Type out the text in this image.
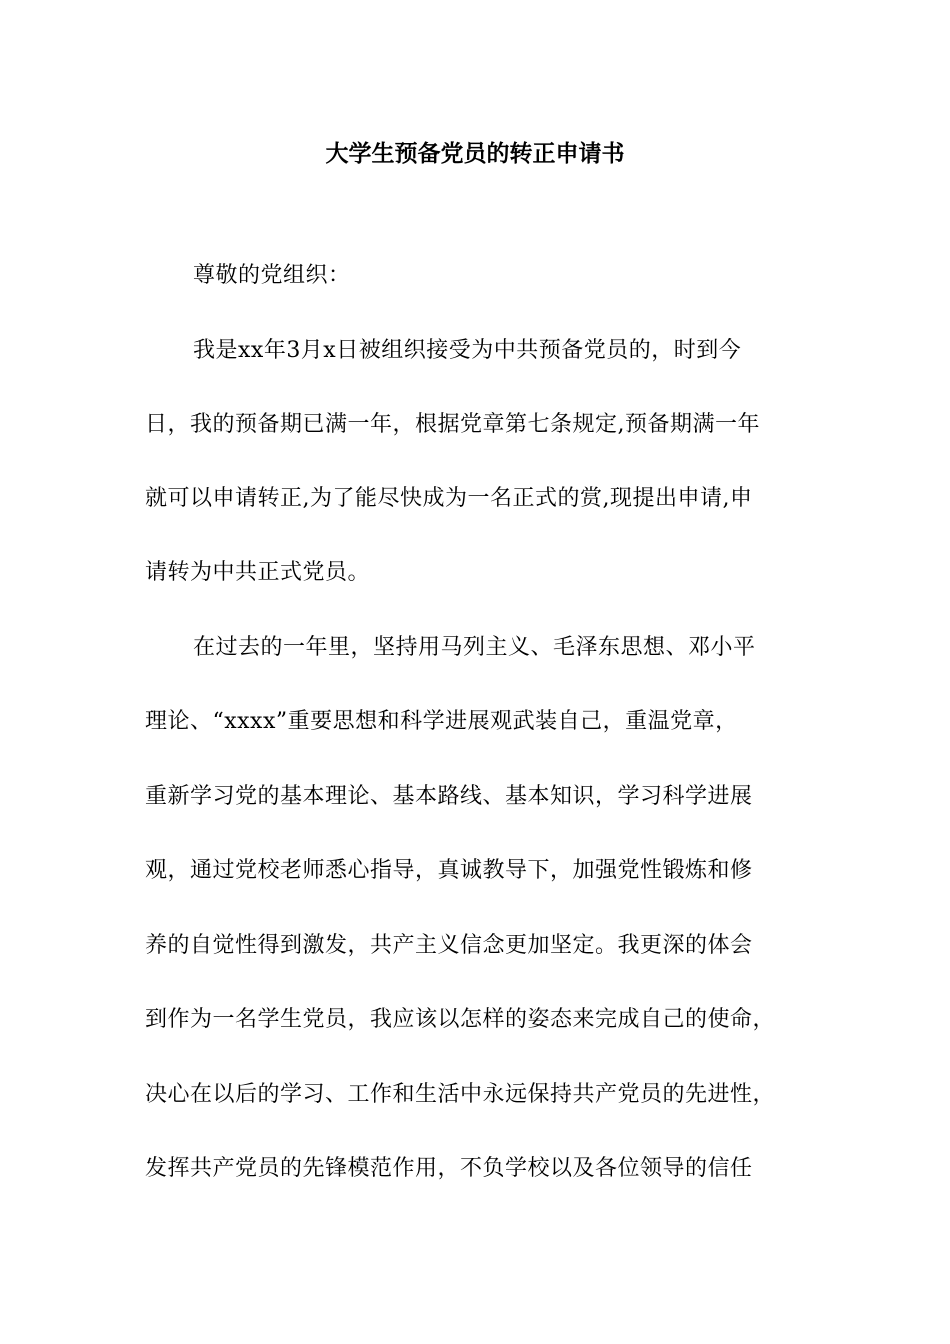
大学生预备党员的转正申请书
尊敬的党组织：
我是xx年3月x日被组织接受为中共预备党员的，时到今
日，我的预备期已满一年，根据党章第七条规定,预备期满一年
就可以申请转正,为了能尽快成为一名正式的赏,现提出申请,申
请转为中共正式党员。
在过去的一年里，坚持用马列主义、毛泽东思想、邓小平
理论、“xxxx”重要思想和科学进展观武装自己，重温党章，
重新学习党的基本理论、基本路线、基本知识，学习科学进展
观，通过党校老师悉心指导，真诚教导下，加强党性锻炼和修
养的自觉性得到激发，共产主义信念更加坚定。我更深的体会
到作为一名学生党员，我应该以怎样的姿态来完成自己的使命，
决心在以后的学习、工作和生活中永远保持共产党员的先进性，
发挥共产党员的先锋模范作用，不负学校以及各位领导的信任
